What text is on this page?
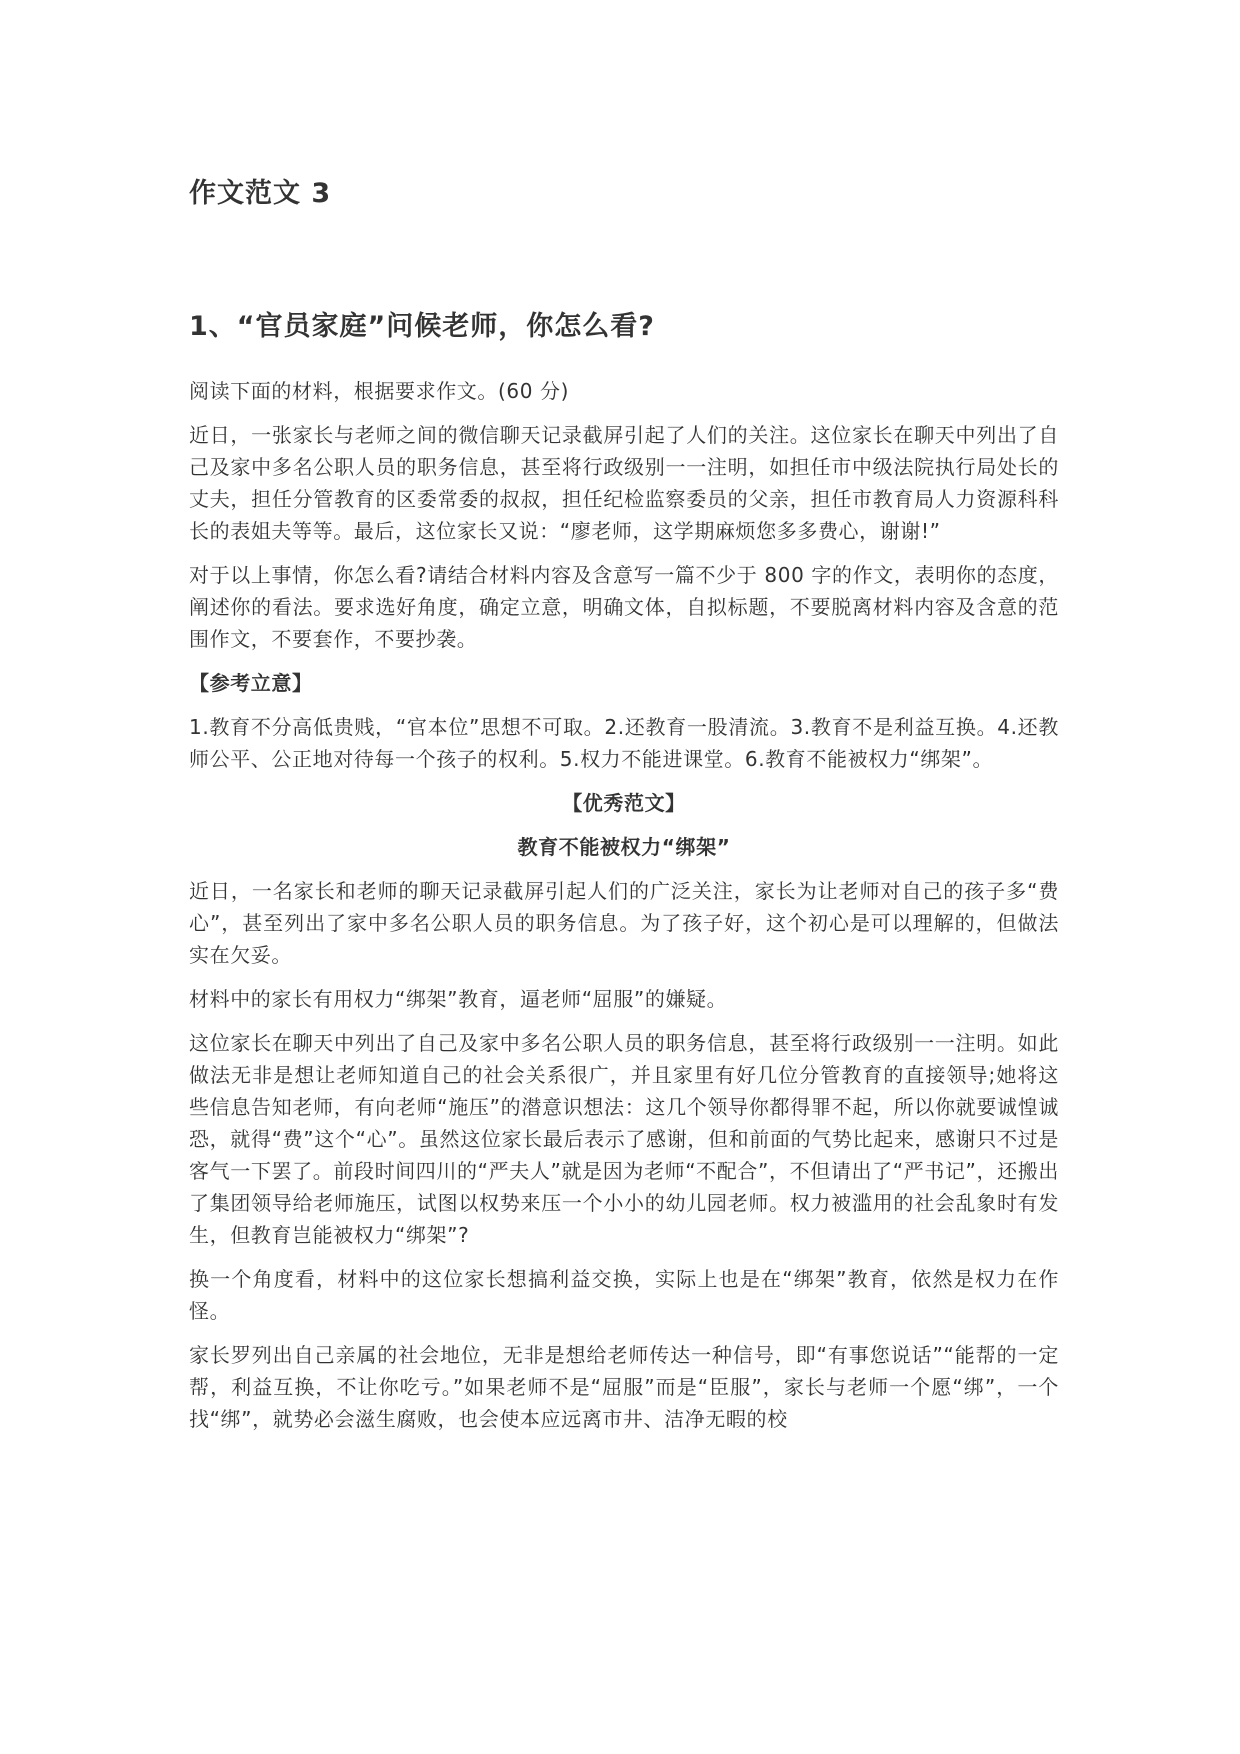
作文范文 3
1、“官员家庭”问候老师，你怎么看?

阅读下面的材料，根据要求作文。(60 分)

近日，一张家长与老师之间的微信聊天记录截屏引起了人们的关注。这位家长在聊天中列出了自己及家中多名公职人员的职务信息，甚至将行政级别一一注明，如担任市中级法院执行局处长的丈夫，担任分管教育的区委常委的叔叔，担任纪检监察委员的父亲，担任市教育局人力资源科科长的表姐夫等等。最后，这位家长又说：“廖老师，这学期麻烦您多多费心，谢谢!”

对于以上事情，你怎么看?请结合材料内容及含意写一篇不少于 800 字的作文，表明你的态度，阐述你的看法。要求选好角度，确定立意，明确文体，自拟标题，不要脱离材料内容及含意的范围作文，不要套作，不要抄袭。

【参考立意】

1.教育不分高低贵贱，“官本位”思想不可取。2.还教育一股清流。3.教育不是利益互换。4.还教师公平、公正地对待每一个孩子的权利。5.权力不能进课堂。6.教育不能被权力“绑架”。

【优秀范文】

教育不能被权力“绑架”

近日，一名家长和老师的聊天记录截屏引起人们的广泛关注，家长为让老师对自己的孩子多“费心”，甚至列出了家中多名公职人员的职务信息。为了孩子好，这个初心是可以理解的，但做法实在欠妥。

材料中的家长有用权力“绑架”教育，逼老师“屈服”的嫌疑。

这位家长在聊天中列出了自己及家中多名公职人员的职务信息，甚至将行政级别一一注明。如此做法无非是想让老师知道自己的社会关系很广，并且家里有好几位分管教育的直接领导;她将这些信息告知老师，有向老师“施压”的潜意识想法：这几个领导你都得罪不起，所以你就要诚惶诚恐，就得“费”这个“心”。虽然这位家长最后表示了感谢，但和前面的气势比起来，感谢只不过是客气一下罢了。前段时间四川的“严夫人”就是因为老师“不配合”，不但请出了“严书记”，还搬出了集团领导给老师施压，试图以权势来压一个小小的幼儿园老师。权力被滥用的社会乱象时有发生，但教育岂能被权力“绑架”?

换一个角度看，材料中的这位家长想搞利益交换，实际上也是在“绑架”教育，依然是权力在作怪。

家长罗列出自己亲属的社会地位，无非是想给老师传达一种信号，即“有事您说话”“能帮的一定帮，利益互换，不让你吃亏。”如果老师不是“屈服”而是“臣服”，家长与老师一个愿“绑”，一个找“绑”，就势必会滋生腐败，也会使本应远离市井、洁净无暇的校
